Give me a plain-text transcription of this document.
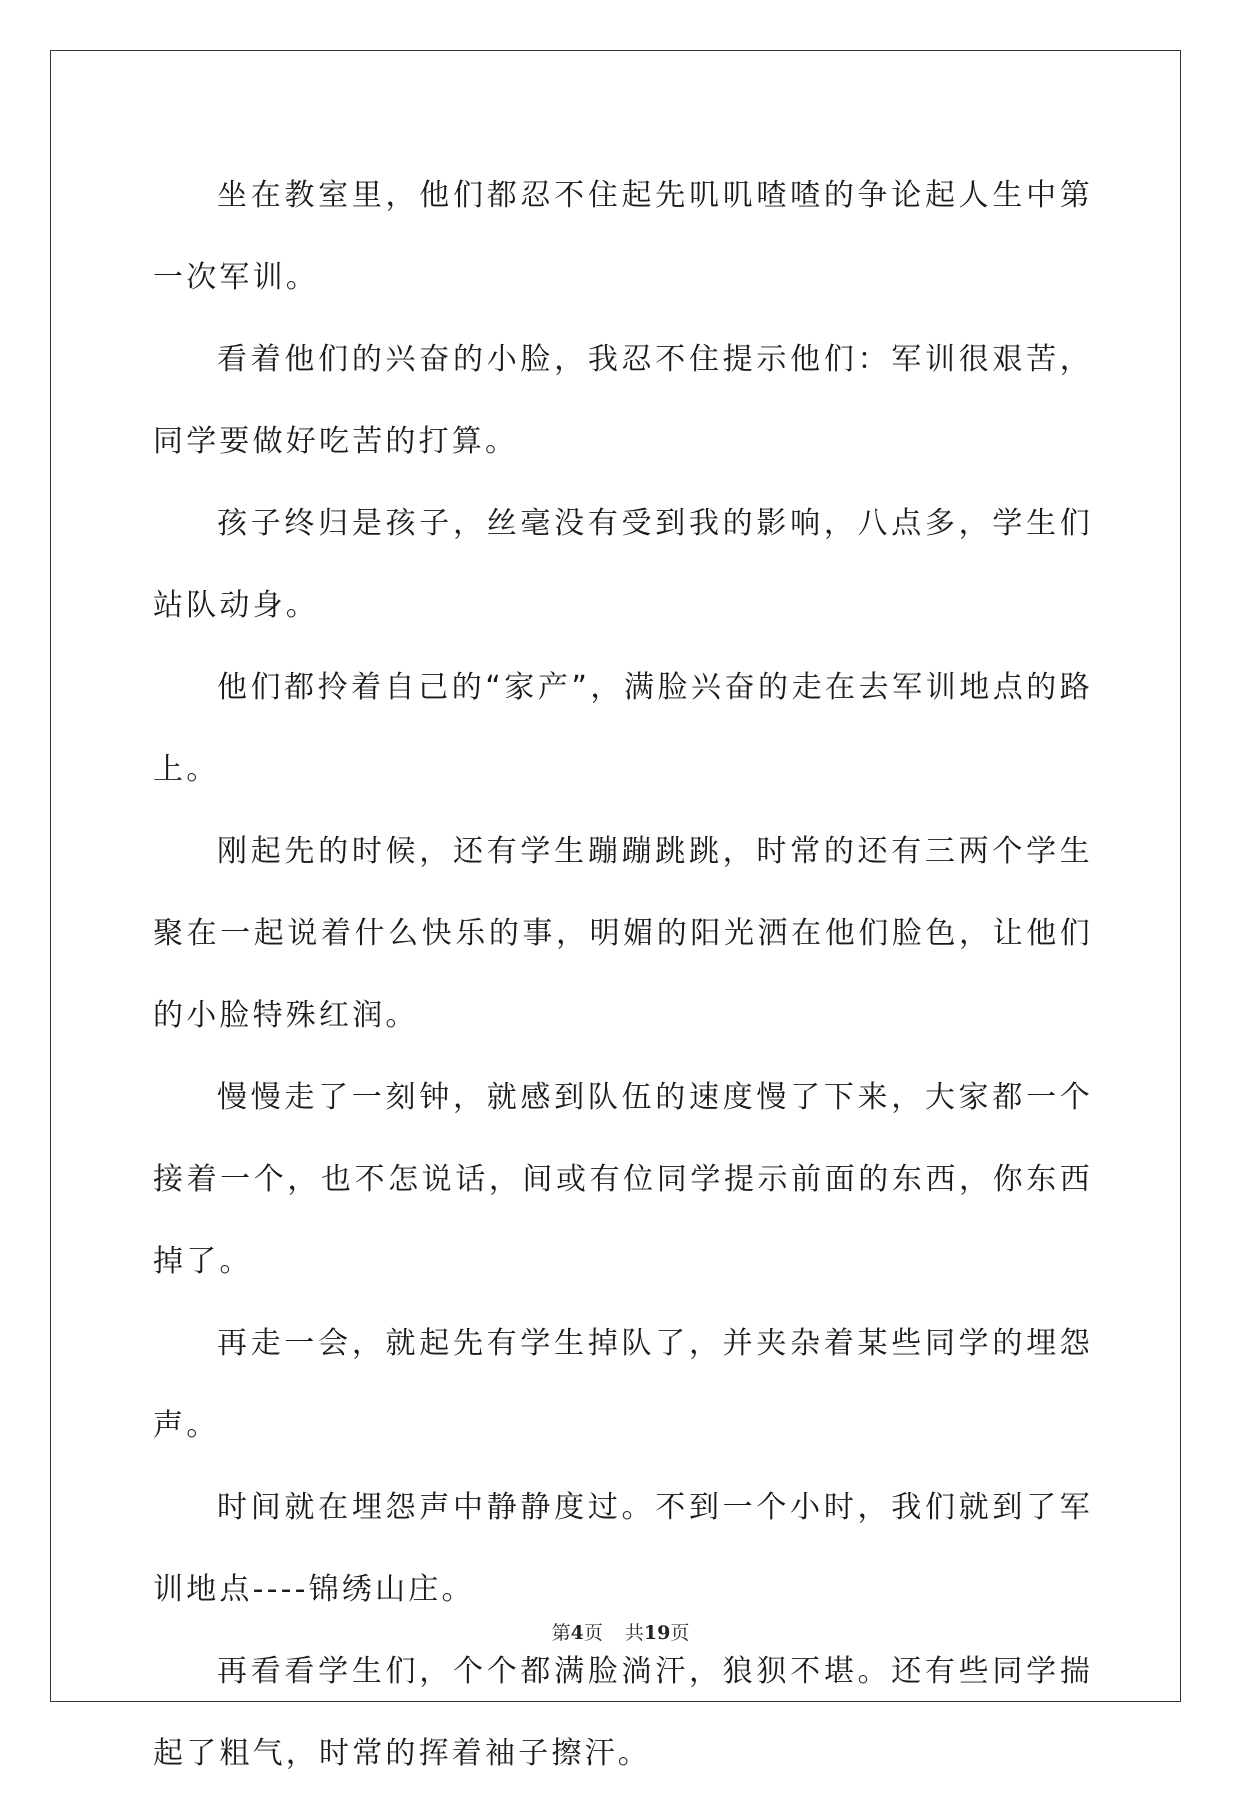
坐在教室里，他们都忍不住起先叽叽喳喳的争论起人生中第一次军训。

看着他们的兴奋的小脸，我忍不住提示他们：军训很艰苦，同学要做好吃苦的打算。

孩子终归是孩子，丝毫没有受到我的影响，八点多，学生们站队动身。

他们都拎着自己的“家产”，满脸兴奋的走在去军训地点的路上。

刚起先的时候，还有学生蹦蹦跳跳，时常的还有三两个学生聚在一起说着什么快乐的事，明媚的阳光洒在他们脸色，让他们的小脸特殊红润。

慢慢走了一刻钟，就感到队伍的速度慢了下来，大家都一个接着一个，也不怎说话，间或有位同学提示前面的东西，你东西掉了。

再走一会，就起先有学生掉队了，并夹杂着某些同学的埋怨声。

时间就在埋怨声中静静度过。不到一个小时，我们就到了军训地点----锦绣山庄。

再看看学生们，个个都满脸淌汗，狼狈不堪。还有些同学揣起了粗气，时常的挥着袖子擦汗。

第4页 共19页
